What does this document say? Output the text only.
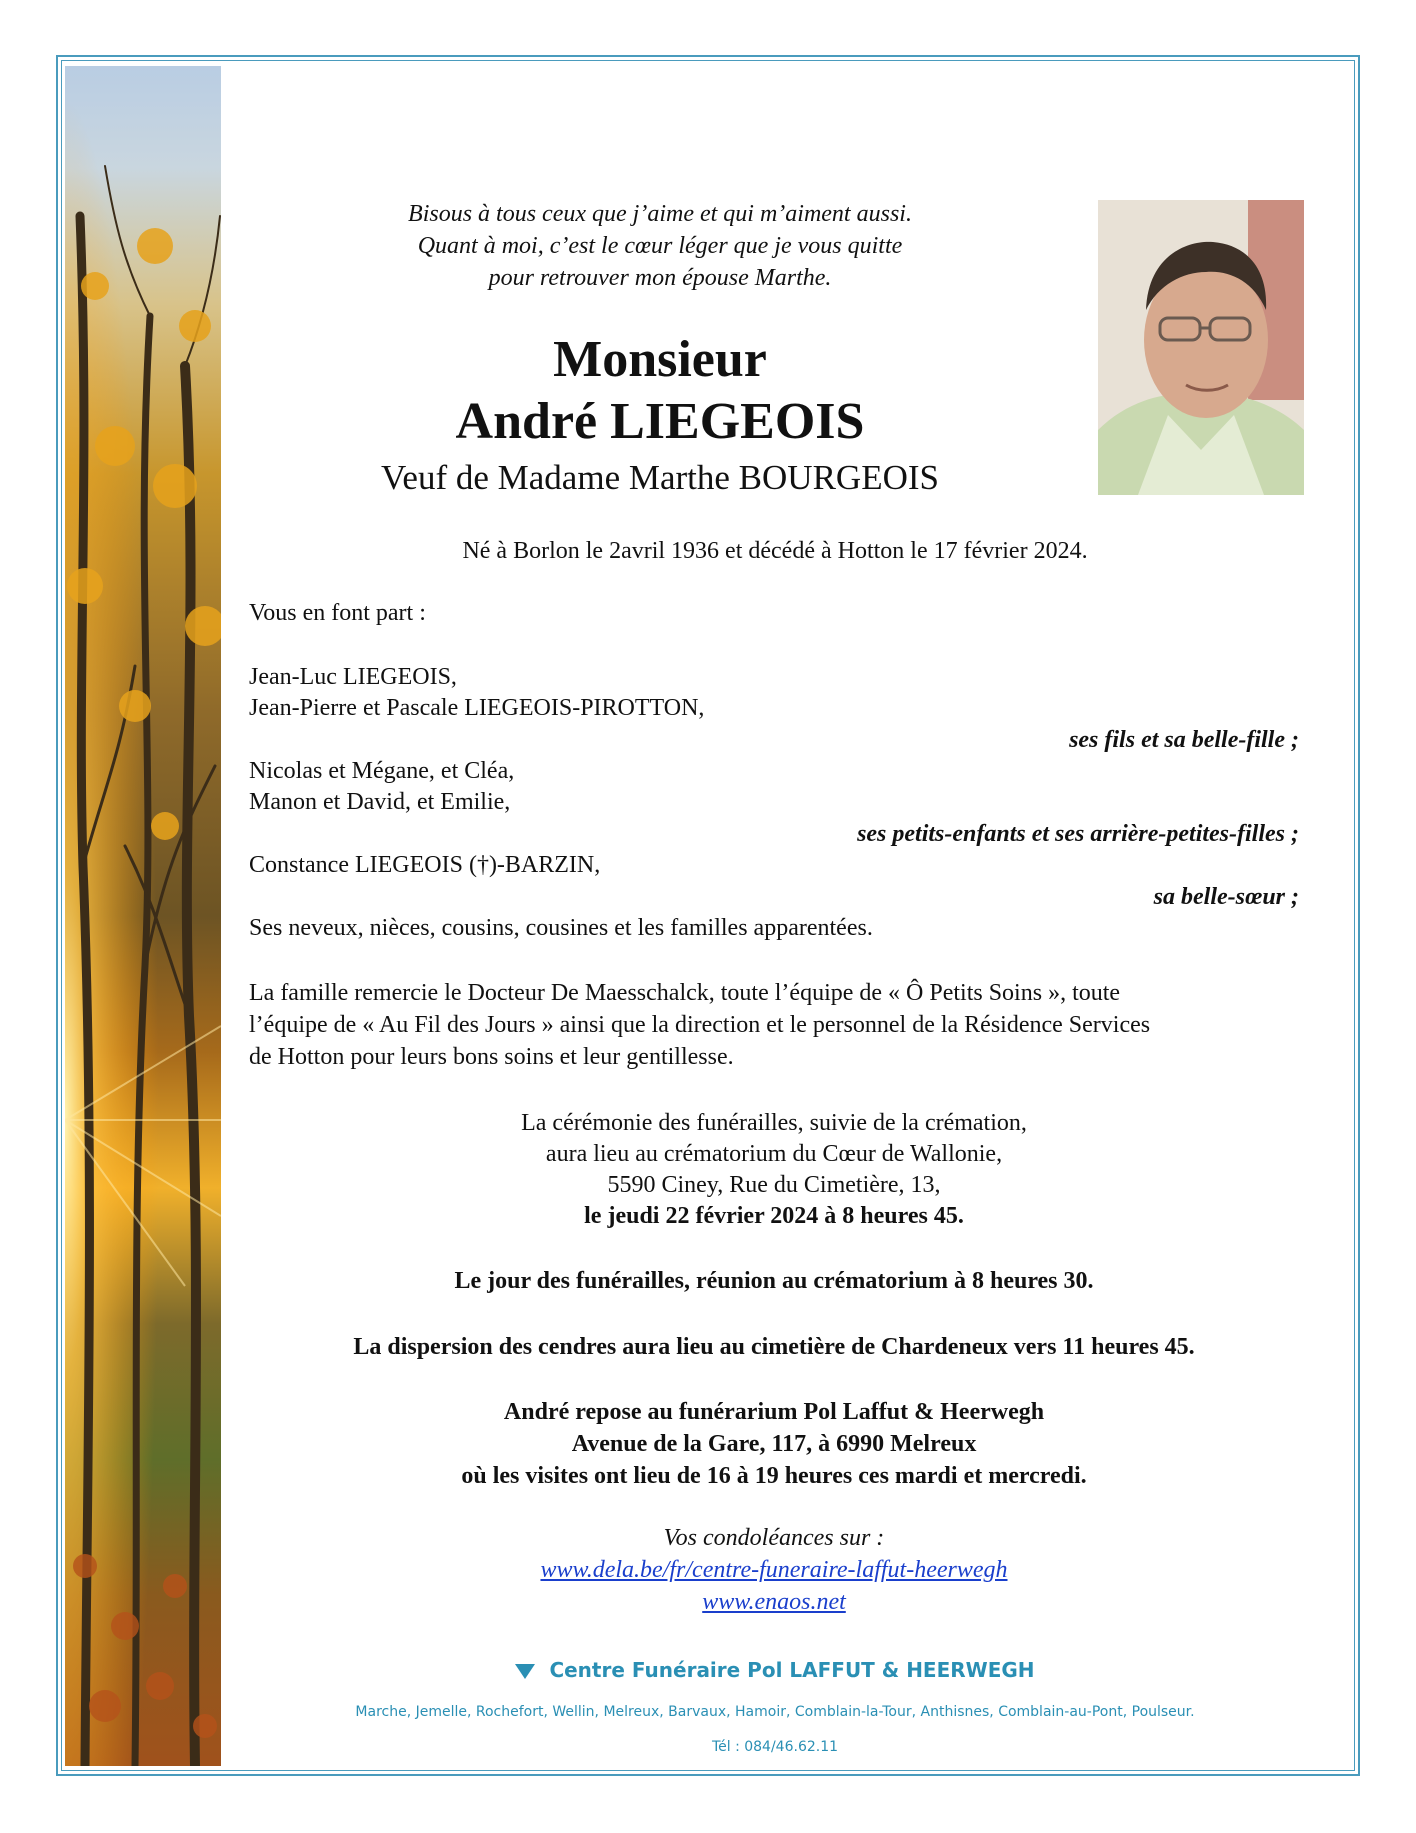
Bisous à tous ceux que j’aime et qui m’aiment aussi.
Quant à moi, c’est le cœur léger que je vous quitte
pour retrouver mon épouse Marthe.
Monsieur
André LIEGEOIS
Veuf de Madame Marthe BOURGEOIS
Né à Borlon le 2avril 1936 et décédé à Hotton le 17 février 2024.
Vous en font part :
Jean-Luc LIEGEOIS,
Jean-Pierre et Pascale LIEGEOIS-PIROTTON,
ses fils et sa belle-fille ;
Nicolas et Mégane, et Cléa,
Manon et David, et Emilie,
ses petits-enfants et ses arrière-petites-filles ;
Constance LIEGEOIS (†)-BARZIN,
sa belle-sœur ;
Ses neveux, nièces, cousins, cousines et les familles apparentées.
La famille remercie le Docteur De Maesschalck, toute l’équipe de « Ô Petits Soins », toute
l’équipe de « Au Fil des Jours » ainsi que la direction et le personnel de la Résidence Services
de Hotton pour leurs bons soins et leur gentillesse.
La cérémonie des funérailles, suivie de la crémation,
aura lieu au crématorium du Cœur de Wallonie,
5590 Ciney, Rue du Cimetière, 13,
le jeudi 22 février 2024 à 8 heures 45.
Le jour des funérailles, réunion au crématorium à 8 heures 30.
La dispersion des cendres aura lieu au cimetière de Chardeneux vers 11 heures 45.
André repose au funérarium Pol Laffut & Heerwegh
Avenue de la Gare, 117, à 6990 Melreux
où les visites ont lieu de 16 à 19 heures ces mardi et mercredi.
Vos condoléances sur :
www.dela.be/fr/centre-funeraire-laffut-heerwegh
www.enaos.net
Centre Funéraire Pol LAFFUT & HEERWEGH
Marche, Jemelle, Rochefort, Wellin, Melreux, Barvaux, Hamoir, Comblain-la-Tour, Anthisnes, Comblain-au-Pont, Poulseur.
Tél : 084/46.62.11
